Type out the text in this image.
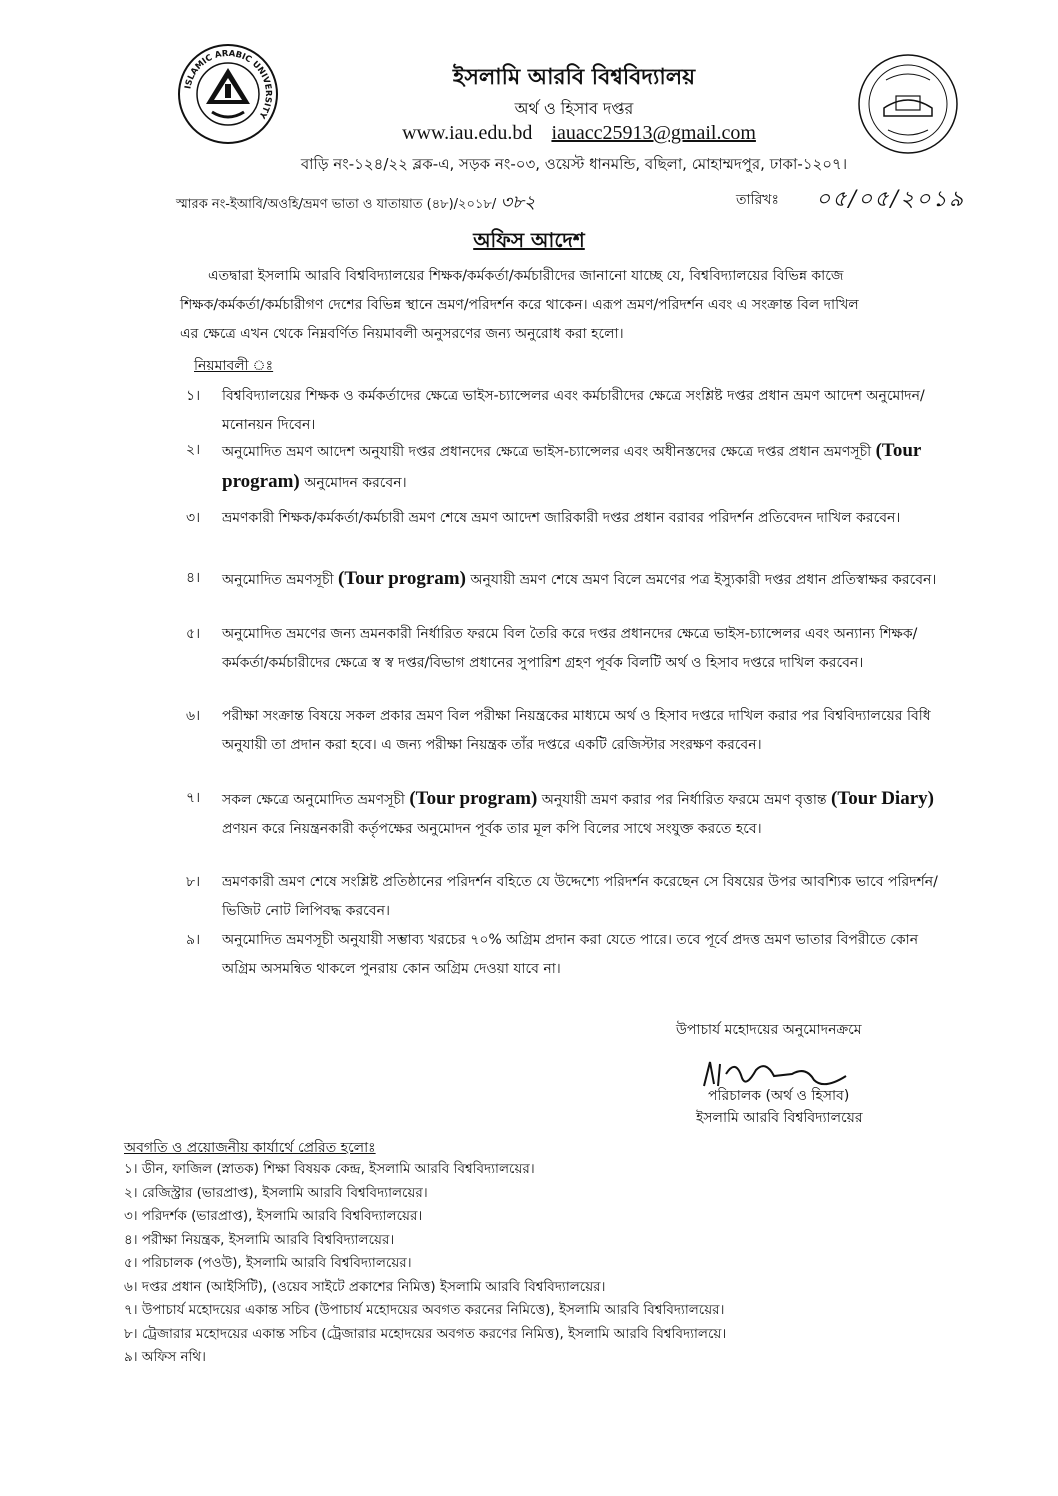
ISLAMIC ARABIC UNIVERSITY
ইসলামি আরবি বিশ্ববিদ্যালয়
অর্থ ও হিসাব দপ্তর
www.iau.edu.bd iauacc25913@gmail.com
বাড়ি নং-১২৪/২২ ব্লক-এ, সড়ক নং-০৩, ওয়েস্ট ধানমন্ডি, বছিলা, মোহাম্মদপুর, ঢাকা-১২০৭।
স্মারক নং-ইআবি/অওহি/ভ্রমণ ভাতা ও যাতায়াত (৪৮)/২০১৮/ ৩৮২	তারিখঃ ০৫/০৫/২০১৯
অফিস আদেশ

এতদ্বারা ইসলামি আরবি বিশ্ববিদ্যালয়ের শিক্ষক/কর্মকর্তা/কর্মচারীদের জানানো যাচ্ছে যে, বিশ্ববিদ্যালয়ের বিভিন্ন কাজে

শিক্ষক/কর্মকর্তা/কর্মচারীগণ দেশের বিভিন্ন স্থানে ভ্রমণ/পরিদর্শন করে থাকেন। এরূপ ভ্রমণ/পরিদর্শন এবং এ সংক্রান্ত বিল দাখিল

এর ক্ষেত্রে এখন থেকে নিম্নবর্ণিত নিয়মাবলী অনুসরণের জন্য অনুরোধ করা হলো।

নিয়মাবলী ঃ
১। বিশ্ববিদ্যালয়ের শিক্ষক ও কর্মকর্তাদের ক্ষেত্রে ভাইস-চ্যান্সেলর এবং কর্মচারীদের ক্ষেত্রে সংশ্লিষ্ট দপ্তর প্রধান ভ্রমণ আদেশ অনুমোদন/মনোনয়ন দিবেন।
২। অনুমোদিত ভ্রমণ আদেশ অনুযায়ী দপ্তর প্রধানদের ক্ষেত্রে ভাইস-চ্যান্সেলর এবং অধীনস্তদের ক্ষেত্রে দপ্তর প্রধান ভ্রমণসূচী (Tour program) অনুমোদন করবেন।
৩। ভ্রমণকারী শিক্ষক/কর্মকর্তা/কর্মচারী ভ্রমণ শেষে ভ্রমণ আদেশ জারিকারী দপ্তর প্রধান বরাবর পরিদর্শন প্রতিবেদন দাখিল করবেন।
৪। অনুমোদিত ভ্রমণসূচী (Tour program) অনুযায়ী ভ্রমণ শেষে ভ্রমণ বিলে ভ্রমণের পত্র ইস্যুকারী দপ্তর প্রধান প্রতিস্বাক্ষর করবেন।
৫। অনুমোদিত ভ্রমণের জন্য ভ্রমনকারী নির্ধারিত ফরমে বিল তৈরি করে দপ্তর প্রধানদের ক্ষেত্রে ভাইস-চ্যান্সেলর এবং অন্যান্য শিক্ষক/কর্মকর্তা/কর্মচারীদের ক্ষেত্রে স্ব স্ব দপ্তর/বিভাগ প্রধানের সুপারিশ গ্রহণ পূর্বক বিলটি অর্থ ও হিসাব দপ্তরে দাখিল করবেন।
৬। পরীক্ষা সংক্রান্ত বিষয়ে সকল প্রকার ভ্রমণ বিল পরীক্ষা নিয়ন্ত্রকের মাধ্যমে অর্থ ও হিসাব দপ্তরে দাখিল করার পর বিশ্ববিদ্যালয়ের বিধি অনুযায়ী তা প্রদান করা হবে। এ জন্য পরীক্ষা নিয়ন্ত্রক তাঁর দপ্তরে একটি রেজিস্টার সংরক্ষণ করবেন।
৭। সকল ক্ষেত্রে অনুমোদিত ভ্রমণসূচী (Tour program) অনুযায়ী ভ্রমণ করার পর নির্ধারিত ফরমে ভ্রমণ বৃত্তান্ত (Tour Diary) প্রণয়ন করে নিয়ন্ত্রনকারী কর্তৃপক্ষের অনুমোদন পূর্বক তার মূল কপি বিলের সাথে সংযুক্ত করতে হবে।
৮। ভ্রমণকারী ভ্রমণ শেষে সংশ্লিষ্ট প্রতিষ্ঠানের পরিদর্শন বহিতে যে উদ্দেশ্যে পরিদর্শন করেছেন সে বিষয়ের উপর আবশ্যিক ভাবে পরিদর্শন/ভিজিট নোট লিপিবদ্ধ করবেন।
৯। অনুমোদিত ভ্রমণসূচী অনুযায়ী সম্ভাব্য খরচের ৭০% অগ্রিম প্রদান করা যেতে পারে। তবে পূর্বে প্রদত্ত ভ্রমণ ভাতার বিপরীতে কোন অগ্রিম অসমন্বিত থাকলে পুনরায় কোন অগ্রিম দেওয়া যাবে না।
উপাচার্য মহোদয়ের অনুমোদনক্রমে
পরিচালক (অর্থ ও হিসাব)
ইসলামি আরবি বিশ্ববিদ্যালয়ের
অবগতি ও প্রয়োজনীয় কার্যার্থে প্রেরিত হলোঃ
১। ডীন, ফাজিল (স্নাতক) শিক্ষা বিষয়ক কেন্দ্র, ইসলামি আরবি বিশ্ববিদ্যালয়ের।
২। রেজিস্ট্রার (ভারপ্রাপ্ত), ইসলামি আরবি বিশ্ববিদ্যালয়ের।
৩। পরিদর্শক (ভারপ্রাপ্ত), ইসলামি আরবি বিশ্ববিদ্যালয়ের।
৪। পরীক্ষা নিয়ন্ত্রক, ইসলামি আরবি বিশ্ববিদ্যালয়ের।
৫। পরিচালক (পওউ), ইসলামি আরবি বিশ্ববিদ্যালয়ের।
৬। দপ্তর প্রধান (আইসিটি), (ওয়েব সাইটে প্রকাশের নিমিত্ত) ইসলামি আরবি বিশ্ববিদ্যালয়ের।
৭। উপাচার্য মহোদয়ের একান্ত সচিব (উপাচার্য মহোদয়ের অবগত করনের নিমিত্তে), ইসলামি আরবি বিশ্ববিদ্যালয়ের।
৮। ট্রেজারার মহোদয়ের একান্ত সচিব (ট্রেজারার মহোদয়ের অবগত করণের নিমিত্ত), ইসলামি আরবি বিশ্ববিদ্যালয়ে।
৯। অফিস নথি।
